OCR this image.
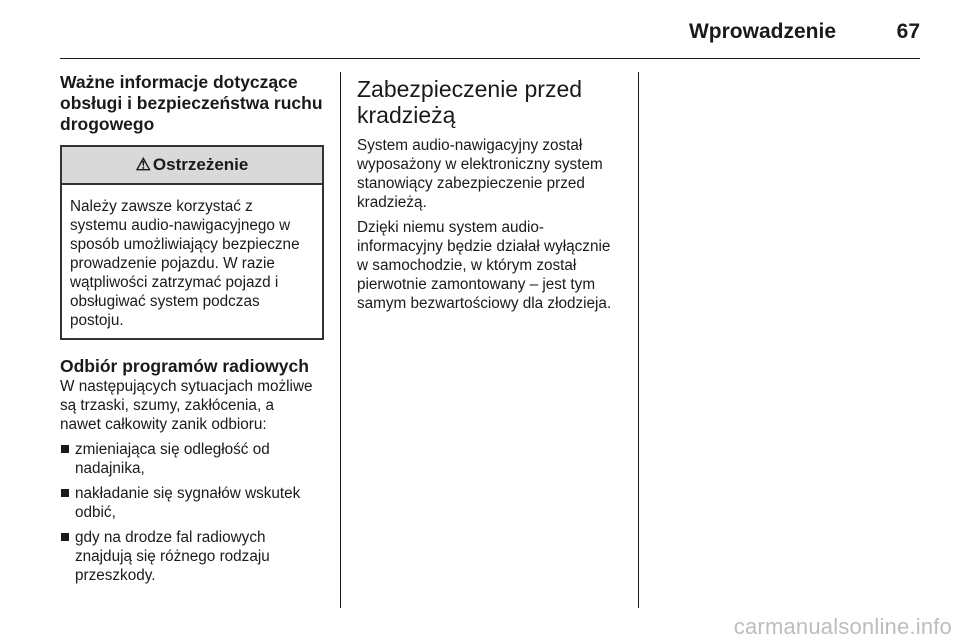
Wprowadzenie	67
Ważne informacje dotyczące
obsługi i bezpieczeństwa ruchu
drogowego
⚠ Ostrzeżenie
Należy zawsze korzystać z
systemu audio-nawigacyjnego w
sposób umożliwiający bezpieczne
prowadzenie pojazdu. W razie
wątpliwości zatrzymać pojazd i
obsługiwać system podczas
postoju.
Odbiór programów radiowych

W następujących sytuacjach możliwe
są trzaski, szumy, zakłócenia, a
nawet całkowity zanik odbioru:

zmieniająca się odległość od
nadajnika,
nakładanie się sygnałów wskutek
odbić,
gdy na drodze fal radiowych
znajdują się różnego rodzaju
przeszkody.
Zabezpieczenie przed
kradzieżą

System audio-nawigacyjny został
wyposażony w elektroniczny system
stanowiący zabezpieczenie przed
kradzieżą.

Dzięki niemu system audio-
informacyjny będzie działał wyłącznie
w samochodzie, w którym został
pierwotnie zamontowany – jest tym
samym bezwartościowy dla złodzieja.

carmanualsonline.info
